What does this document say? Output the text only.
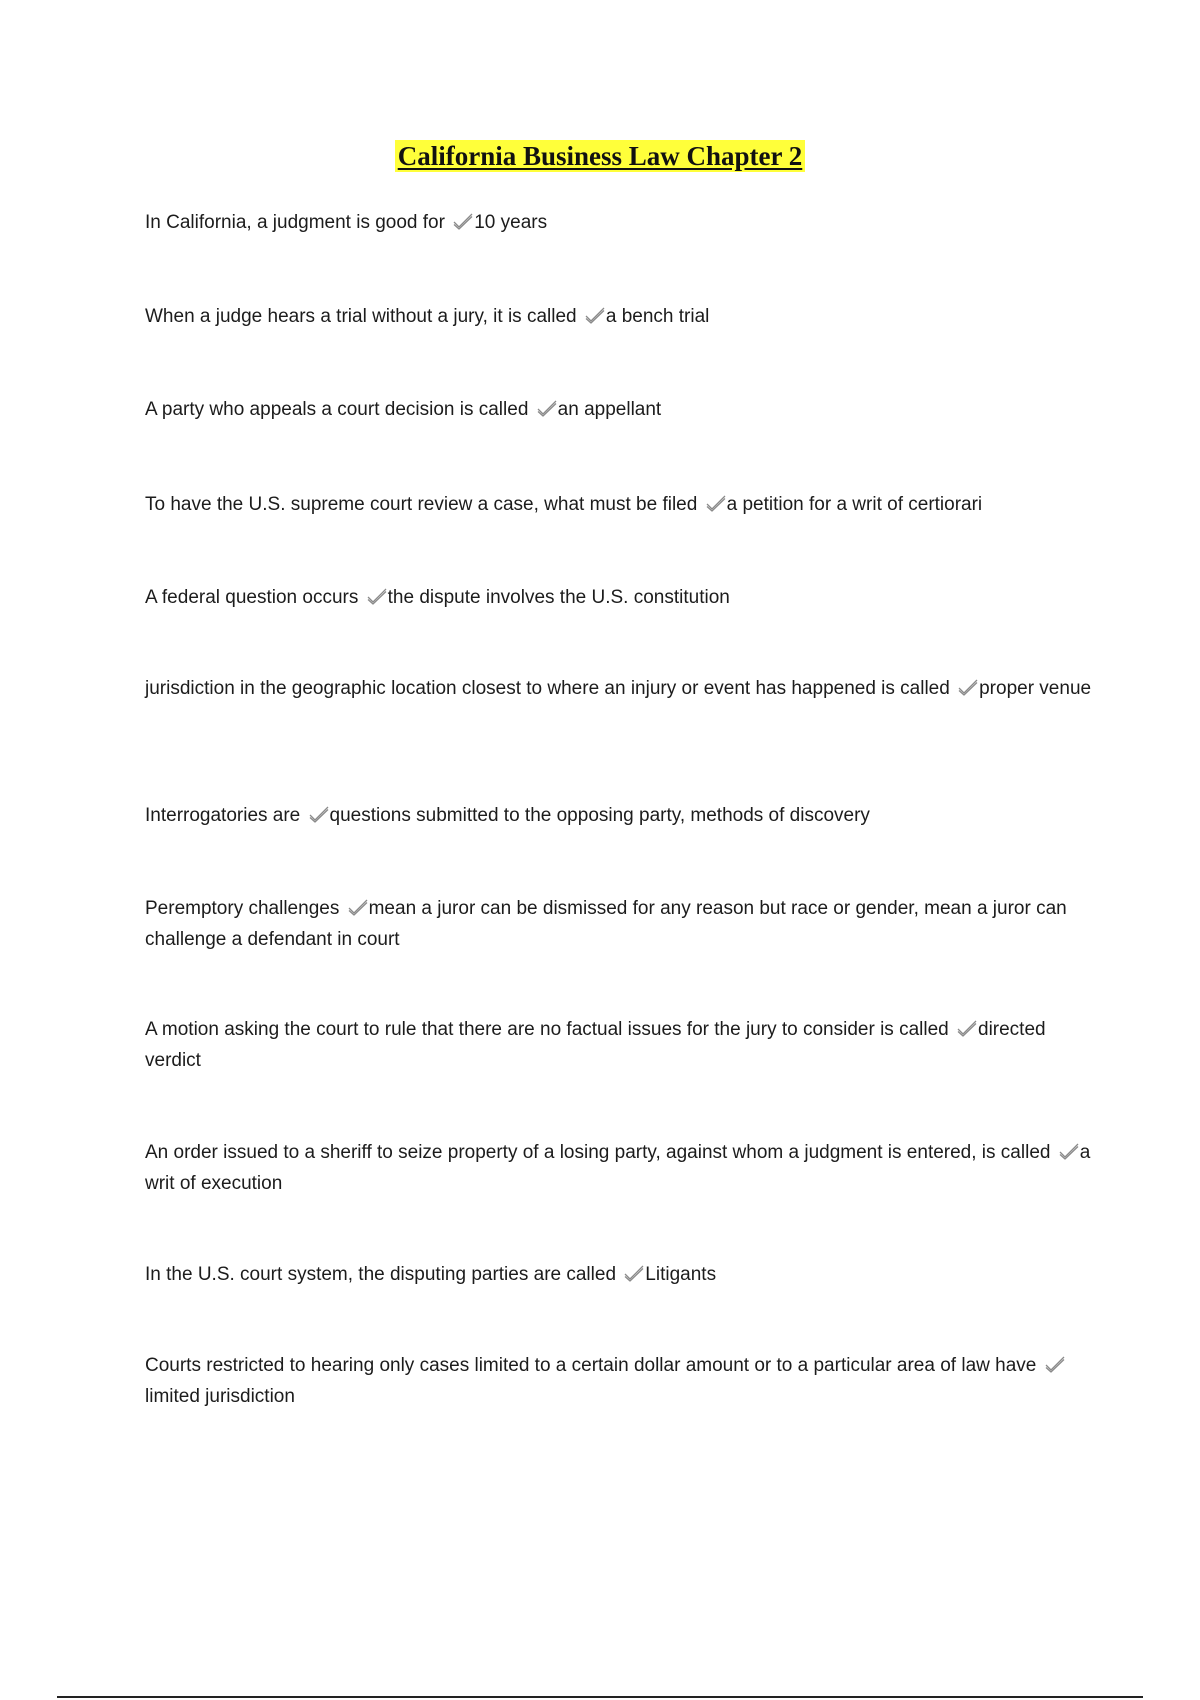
California Business Law Chapter 2
In California, a judgment is good for 10 years
When a judge hears a trial without a jury, it is called a bench trial
A party who appeals a court decision is called an appellant
To have the U.S. supreme court review a case, what must be filed a petition for a writ of certiorari
A federal question occurs the dispute involves the U.S. constitution
jurisdiction in the geographic location closest to where an injury or event has happened is called proper venue
Interrogatories are questions submitted to the opposing party, methods of discovery
Peremptory challenges mean a juror can be dismissed for any reason but race or gender, mean a juror can challenge a defendant in court
A motion asking the court to rule that there are no factual issues for the jury to consider is called directed verdict
An order issued to a sheriff to seize property of a losing party, against whom a judgment is entered, is called a writ of execution
In the U.S. court system, the disputing parties are called Litigants
Courts restricted to hearing only cases limited to a certain dollar amount or to a particular area of law have
limited jurisdiction
